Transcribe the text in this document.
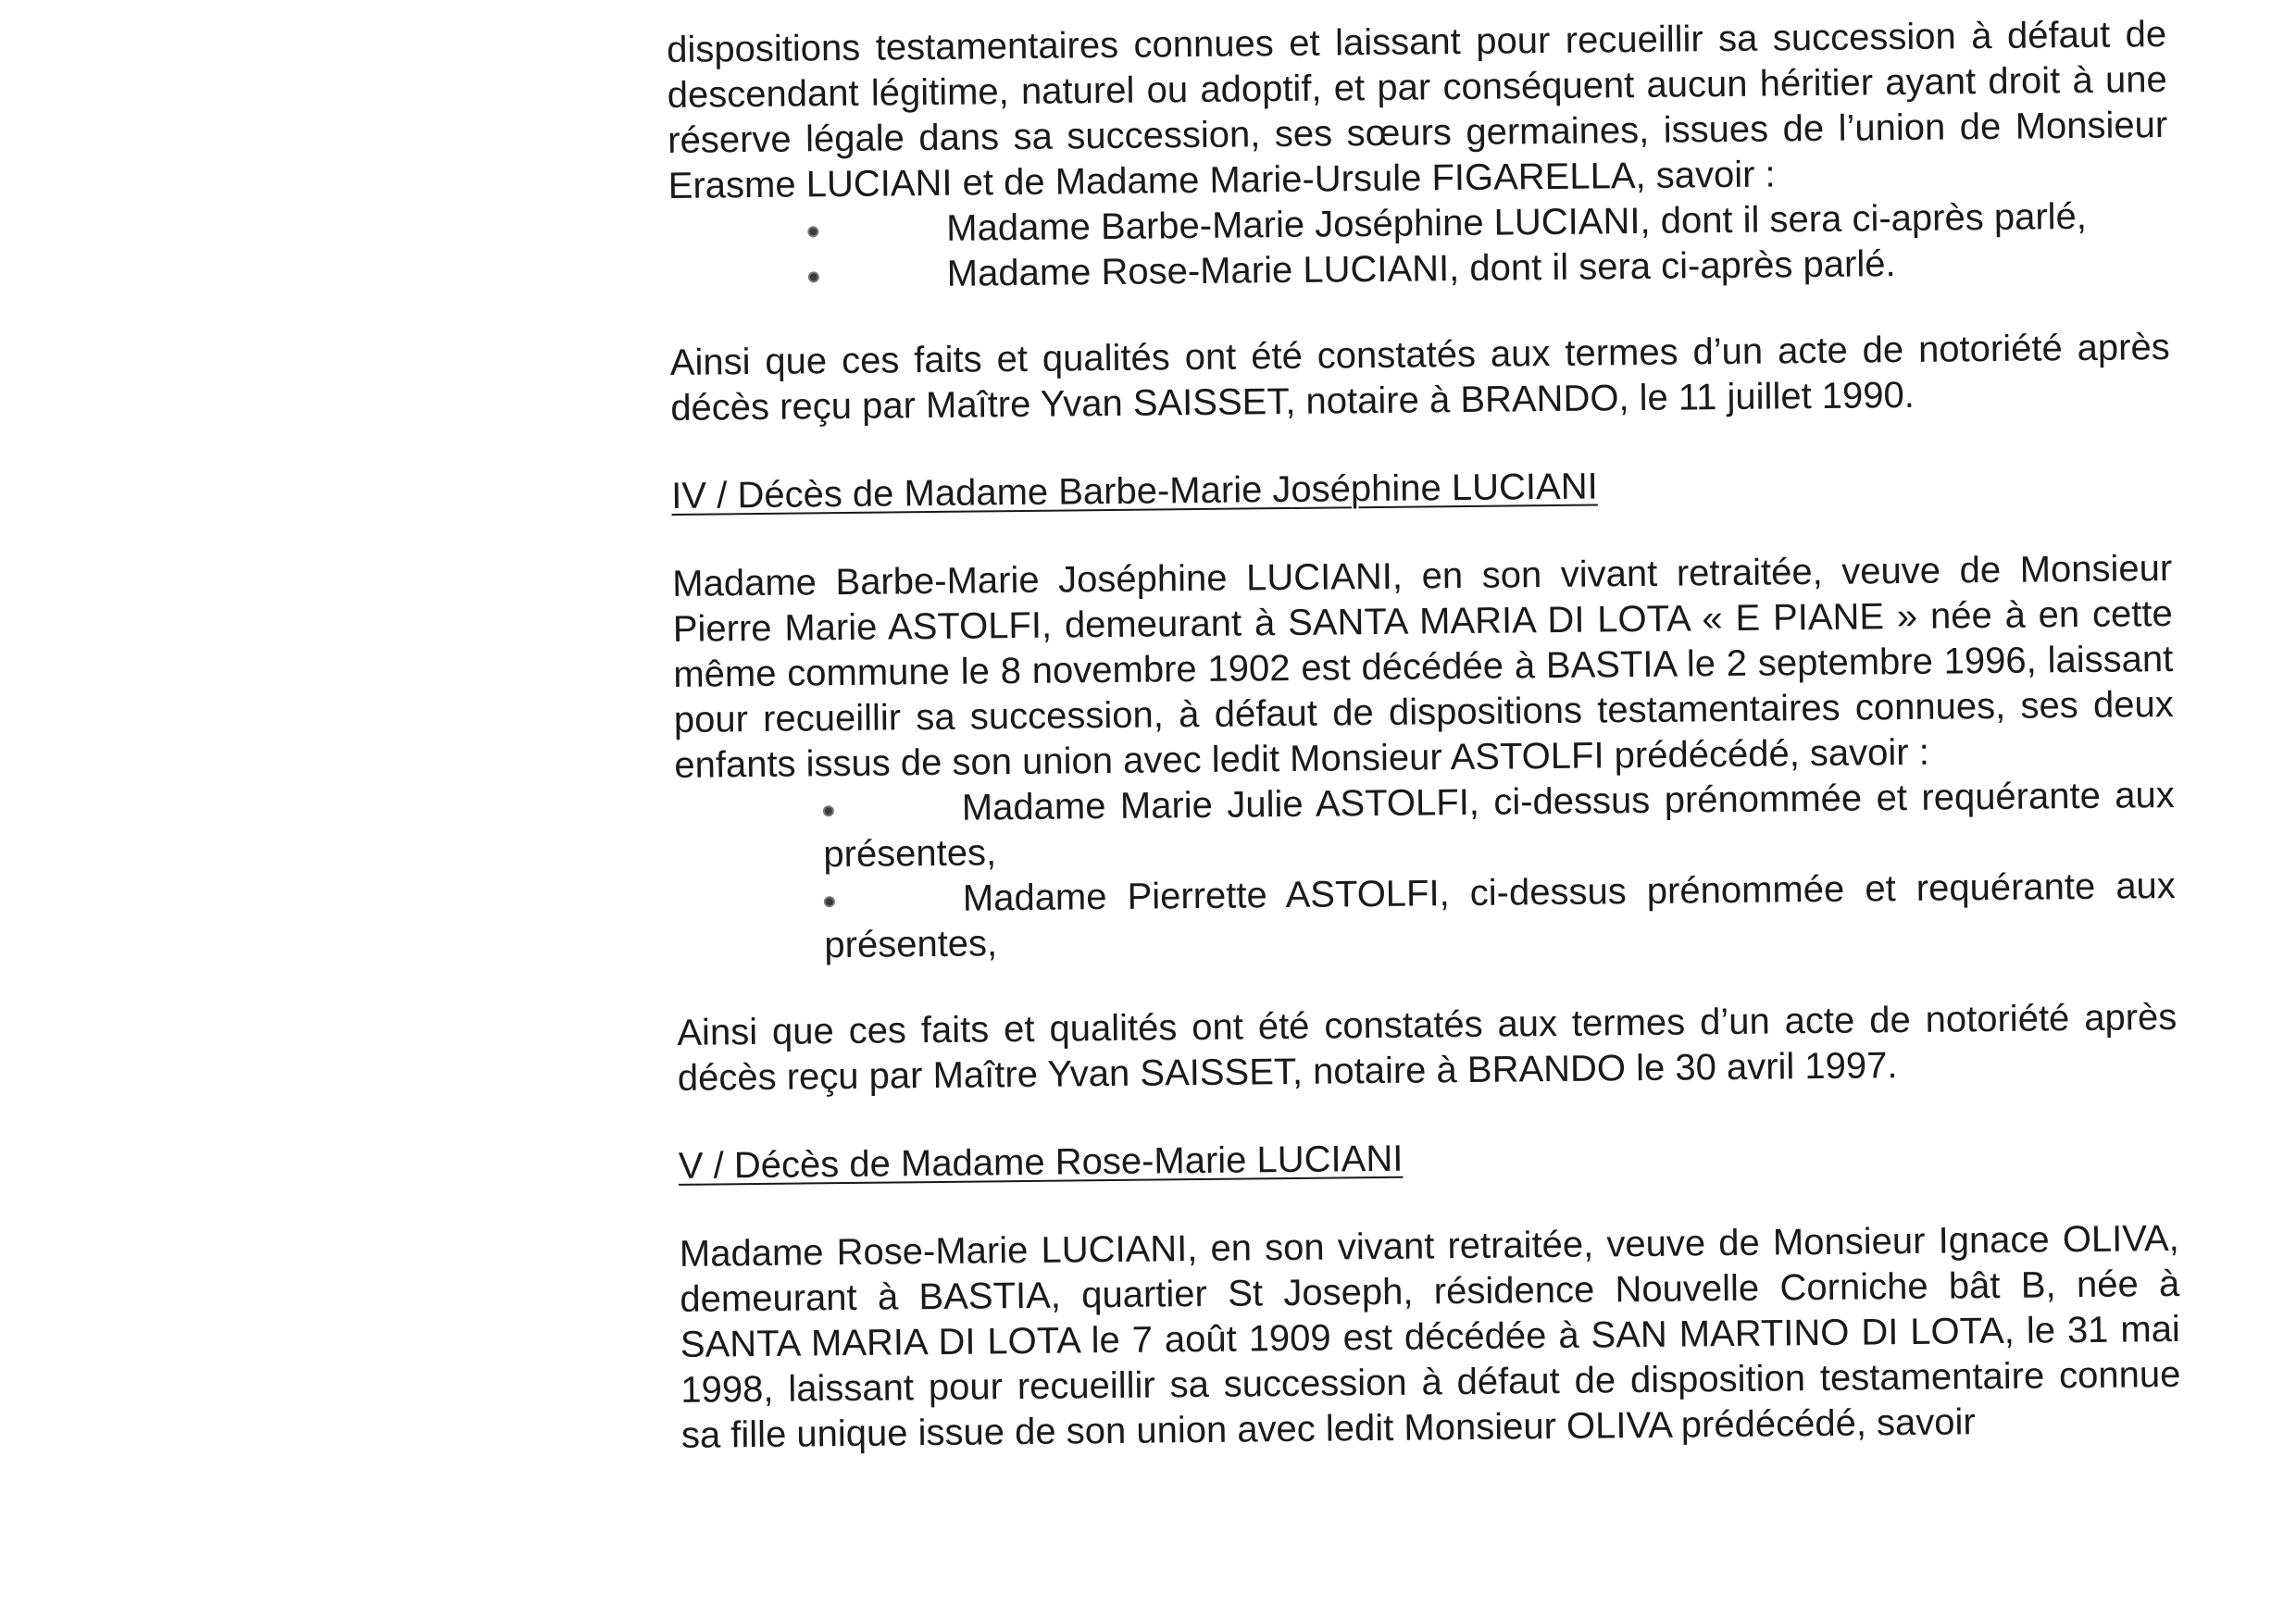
dispositions testamentaires connues et laissant pour recueillir sa succession à défaut de descendant légitime, naturel ou adoptif, et par conséquent aucun héritier ayant droit à une réserve légale dans sa succession, ses sœurs germaines, issues de l’union de Monsieur Erasme LUCIANI et de Madame Marie-Ursule FIGARELLA, savoir :

Madame Barbe-Marie Joséphine LUCIANI, dont il sera ci-après parlé,
Madame Rose-Marie LUCIANI, dont il sera ci-après parlé.

Ainsi que ces faits et qualités ont été constatés aux termes d’un acte de notoriété après décès reçu par Maître Yvan SAISSET, notaire à BRANDO, le 11 juillet 1990.

IV / Décès de Madame Barbe-Marie Joséphine LUCIANI

Madame Barbe-Marie Joséphine LUCIANI, en son vivant retraitée, veuve de Monsieur Pierre Marie ASTOLFI, demeurant à SANTA MARIA DI LOTA « E PIANE » née à en cette même commune le 8 novembre 1902 est décédée à BASTIA le 2 septembre 1996, laissant pour recueillir sa succession, à défaut de dispositions testamentaires connues, ses deux enfants issus de son union avec ledit Monsieur ASTOLFI prédécédé, savoir :

Madame Marie Julie ASTOLFI, ci-dessus prénommée et requérante aux présentes,
Madame Pierrette ASTOLFI, ci-dessus prénommée et requérante aux présentes,

Ainsi que ces faits et qualités ont été constatés aux termes d’un acte de notoriété après décès reçu par Maître Yvan SAISSET, notaire à BRANDO le 30 avril 1997.

V / Décès de Madame Rose-Marie LUCIANI

Madame Rose-Marie LUCIANI, en son vivant retraitée, veuve de Monsieur Ignace OLIVA, demeurant à BASTIA, quartier St Joseph, résidence Nouvelle Corniche bât B, née à SANTA MARIA DI LOTA le 7 août 1909 est décédée à SAN MARTINO DI LOTA, le 31 mai 1998, laissant pour recueillir sa succession à défaut de disposition testamentaire connue sa fille unique issue de son union avec ledit Monsieur OLIVA prédécédé, savoir
